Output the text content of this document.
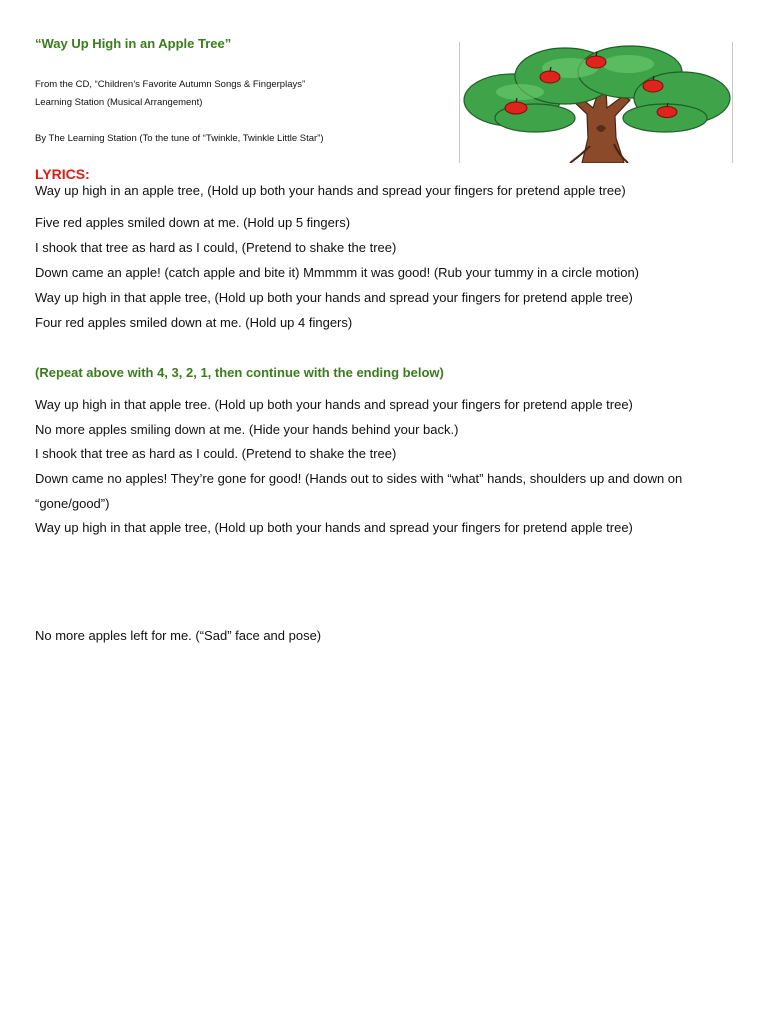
“Way Up High in an Apple Tree”
From the CD, “Children’s Favorite Autumn Songs & Fingerplays”
Learning Station (Musical Arrangement)
By The Learning Station (To the tune of “Twinkle, Twinkle Little Star”)
LYRICS:
Way up high in an apple tree, (Hold up both your hands and spread your fingers for pretend apple tree)
Five red apples smiled down at me. (Hold up 5 fingers)
I shook that tree as hard as I could, (Pretend to shake the tree)
Down came an apple! (catch apple and bite it) Mmmmm it was good! (Rub your tummy in a circle motion)
Way up high in that apple tree, (Hold up both your hands and spread your fingers for pretend apple tree)
Four red apples smiled down at me. (Hold up 4 fingers)
(Repeat above with 4, 3, 2, 1, then continue with the ending below)
Way up high in that apple tree. (Hold up both your hands and spread your fingers for pretend apple tree)
No more apples smiling down at me. (Hide your hands behind your back.)
I shook that tree as hard as I could. (Pretend to shake the tree)
Down came no apples! They’re gone for good! (Hands out to sides with “what” hands, shoulders up and down on
“gone/good”)
Way up high in that apple tree, (Hold up both your hands and spread your fingers for pretend apple tree)
No more apples left for me. (“Sad” face and pose)
